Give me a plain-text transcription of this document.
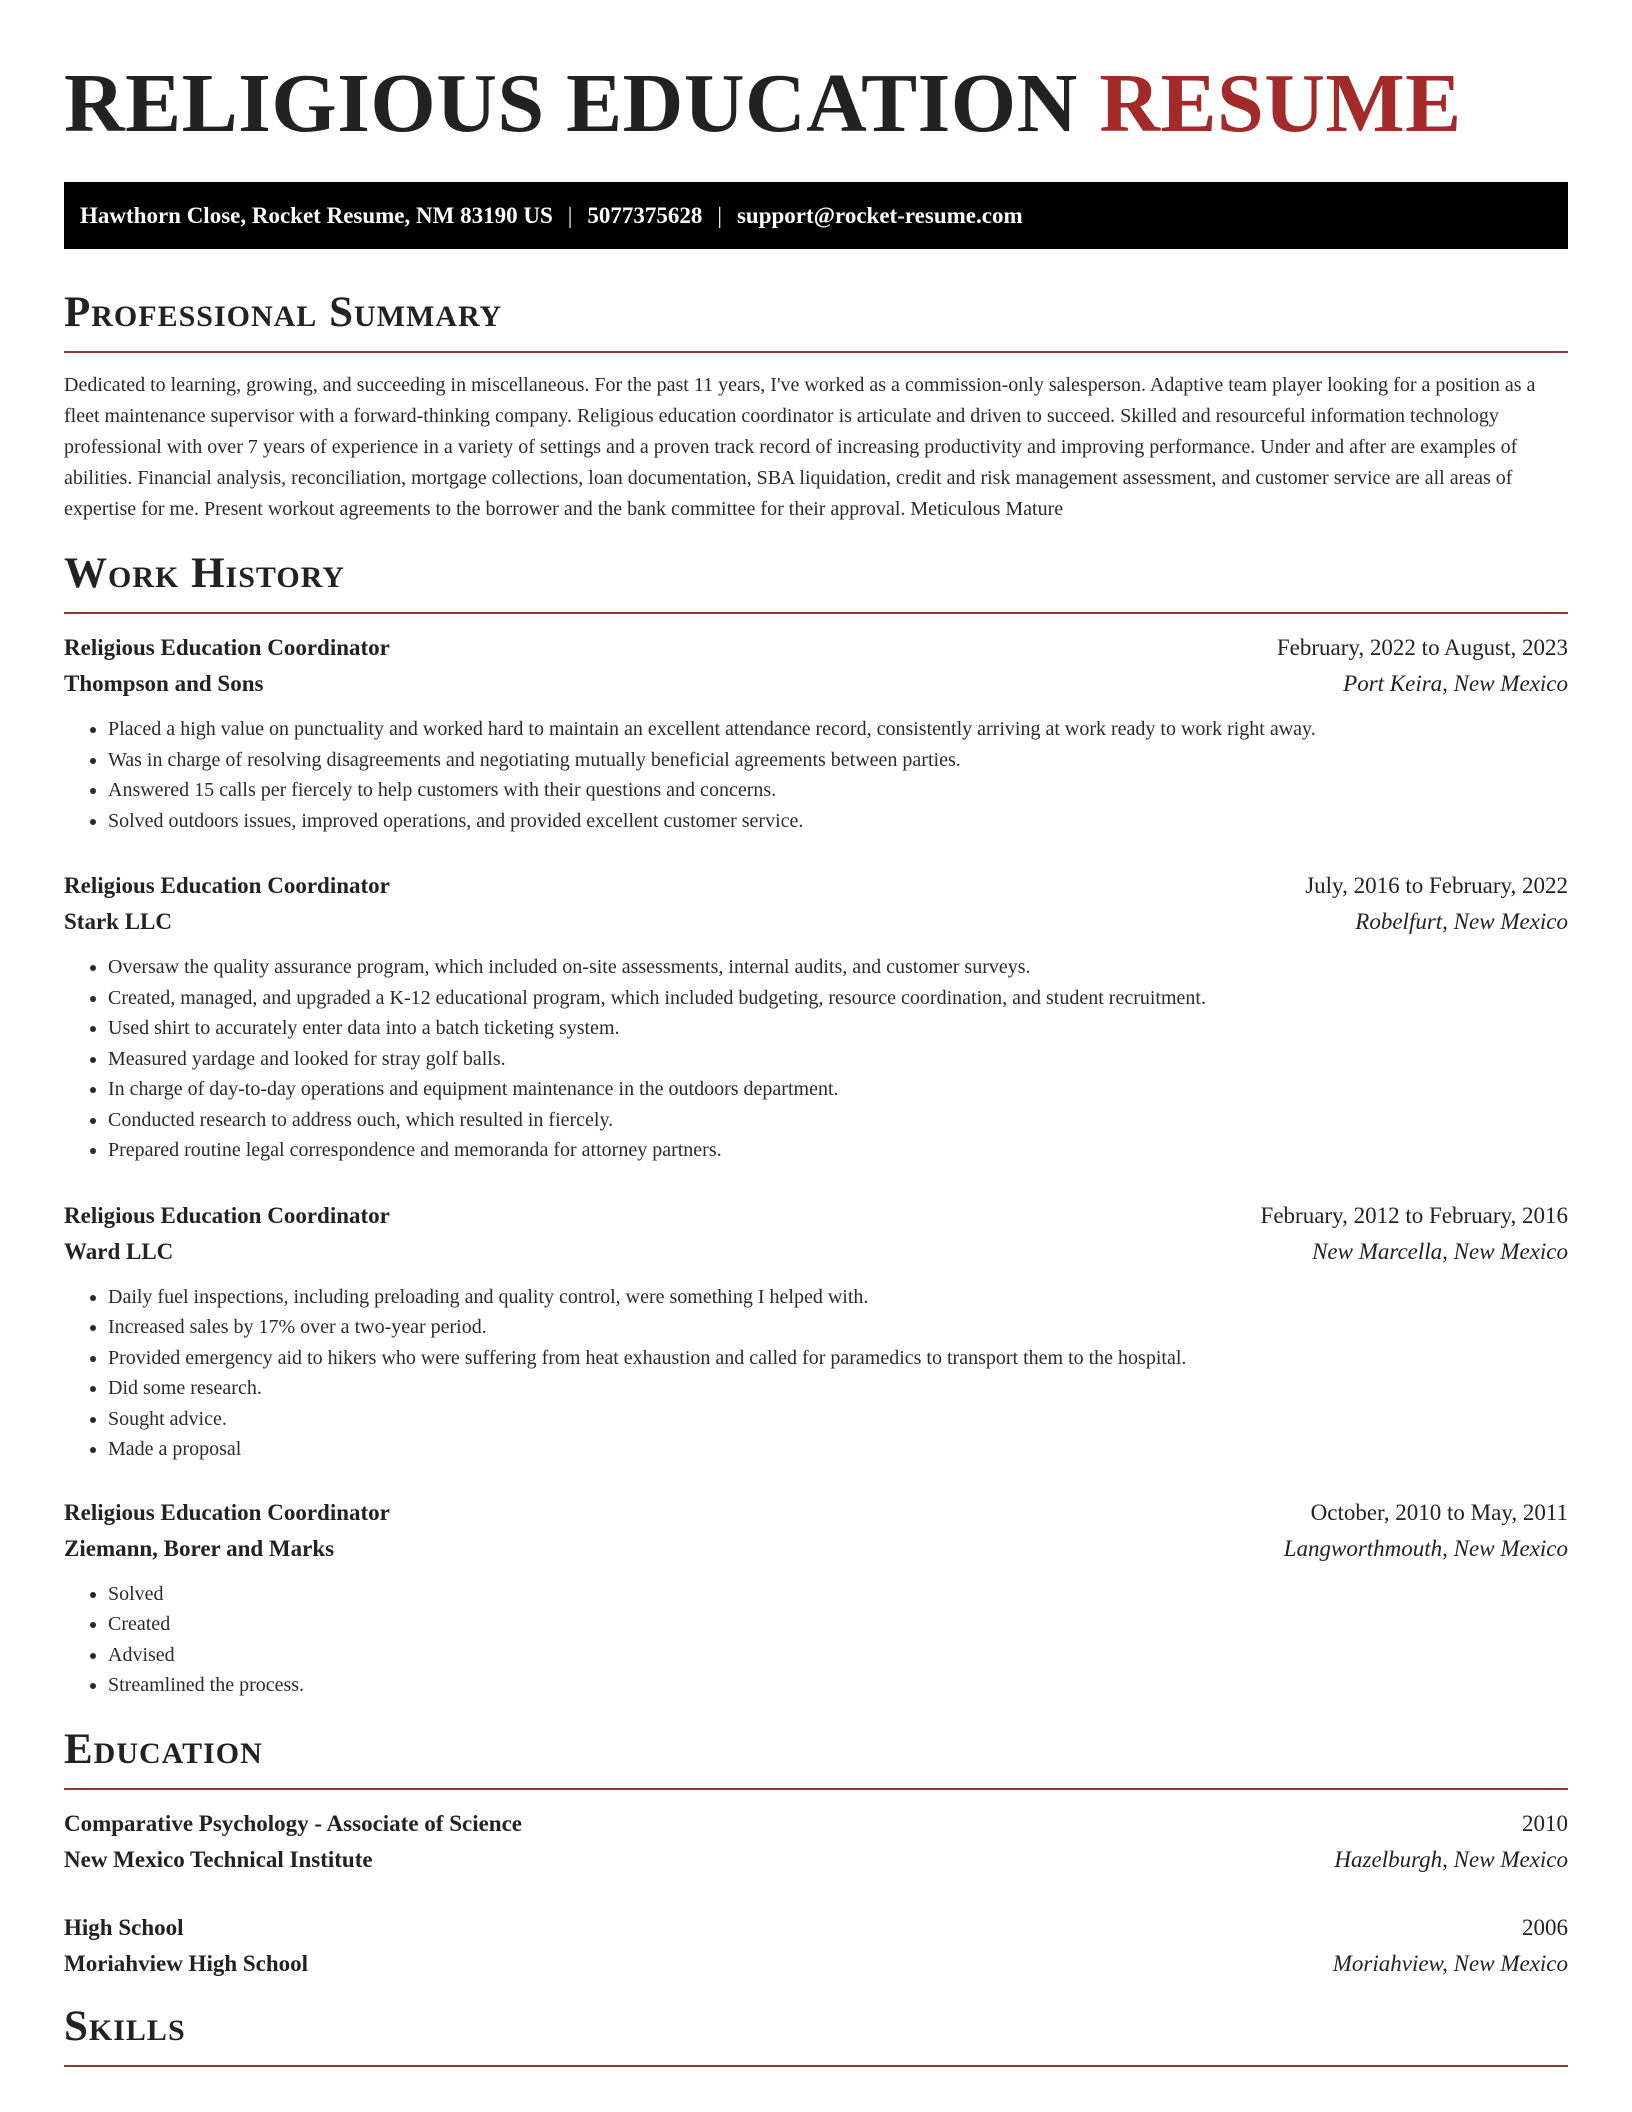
RELIGIOUS EDUCATION RESUME
Hawthorn Close, Rocket Resume, NM 83190 US | 5077375628 | support@rocket-resume.com
Professional Summary

Dedicated to learning, growing, and succeeding in miscellaneous. For the past 11 years, I've worked as a commission-only salesperson. Adaptive team player looking for a position as a fleet maintenance supervisor with a forward-thinking company. Religious education coordinator is articulate and driven to succeed. Skilled and resourceful information technology professional with over 7 years of experience in a variety of settings and a proven track record of increasing productivity and improving performance. Under and after are examples of abilities. Financial analysis, reconciliation, mortgage collections, loan documentation, SBA liquidation, credit and risk management assessment, and customer service are all areas of expertise for me. Present workout agreements to the borrower and the bank committee for their approval. Meticulous Mature

Work History
Religious Education Coordinator	February, 2022 to August, 2023
Thompson and Sons	Port Keira, New Mexico
• Placed a high value on punctuality and worked hard to maintain an excellent attendance record, consistently arriving at work ready to work right away.
• Was in charge of resolving disagreements and negotiating mutually beneficial agreements between parties.
• Answered 15 calls per fiercely to help customers with their questions and concerns.
• Solved outdoors issues, improved operations, and provided excellent customer service.
Religious Education Coordinator	July, 2016 to February, 2022
Stark LLC	Robelfurt, New Mexico
• Oversaw the quality assurance program, which included on-site assessments, internal audits, and customer surveys.
• Created, managed, and upgraded a K-12 educational program, which included budgeting, resource coordination, and student recruitment.
• Used shirt to accurately enter data into a batch ticketing system.
• Measured yardage and looked for stray golf balls.
• In charge of day-to-day operations and equipment maintenance in the outdoors department.
• Conducted research to address ouch, which resulted in fiercely.
• Prepared routine legal correspondence and memoranda for attorney partners.
Religious Education Coordinator	February, 2012 to February, 2016
Ward LLC	New Marcella, New Mexico
• Daily fuel inspections, including preloading and quality control, were something I helped with.
• Increased sales by 17% over a two-year period.
• Provided emergency aid to hikers who were suffering from heat exhaustion and called for paramedics to transport them to the hospital.
• Did some research.
• Sought advice.
• Made a proposal
Religious Education Coordinator	October, 2010 to May, 2011
Ziemann, Borer and Marks	Langworthmouth, New Mexico
• Solved
• Created
• Advised
• Streamlined the process.
Education
Comparative Psychology - Associate of Science	2010
New Mexico Technical Institute	Hazelburgh, New Mexico
High School	2006
Moriahview High School	Moriahview, New Mexico
Skills
